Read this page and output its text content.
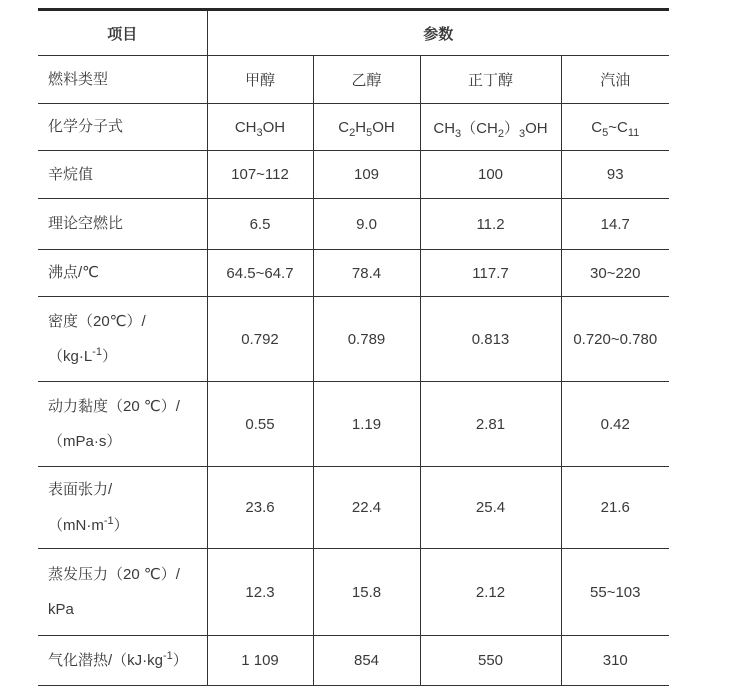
项目	参数			
燃料类型	甲醇	乙醇	正丁醇	汽油
化学分子式	$CH_3OH$	$C_2H_5OH$	$CH_3(CH_2)_3OH$	$C_5\sim C_{11}$
辛烷值	107~112	109	100	93
理论空燃比	6.5	9.0	11.2	14.7
沸点/℃	64.5~64.7	78.4	117.7	30~220
密度（20℃）/
$(kg\cdot L^{-1})$	0.792	0.789	0.813	0.720~0.780
动力黏度（20 ℃）/
（mPa·s）	0.55	1.19	2.81	0.42
表面张力/
$(mN\cdot m^{-1})$	23.6	22.4	25.4	21.6
蒸发压力（20 ℃）/
kPa	12.3	15.8	2.12	55~103
气化潜热$/(kJ\cdot kg^{-1})$	1 109	854	550	310
